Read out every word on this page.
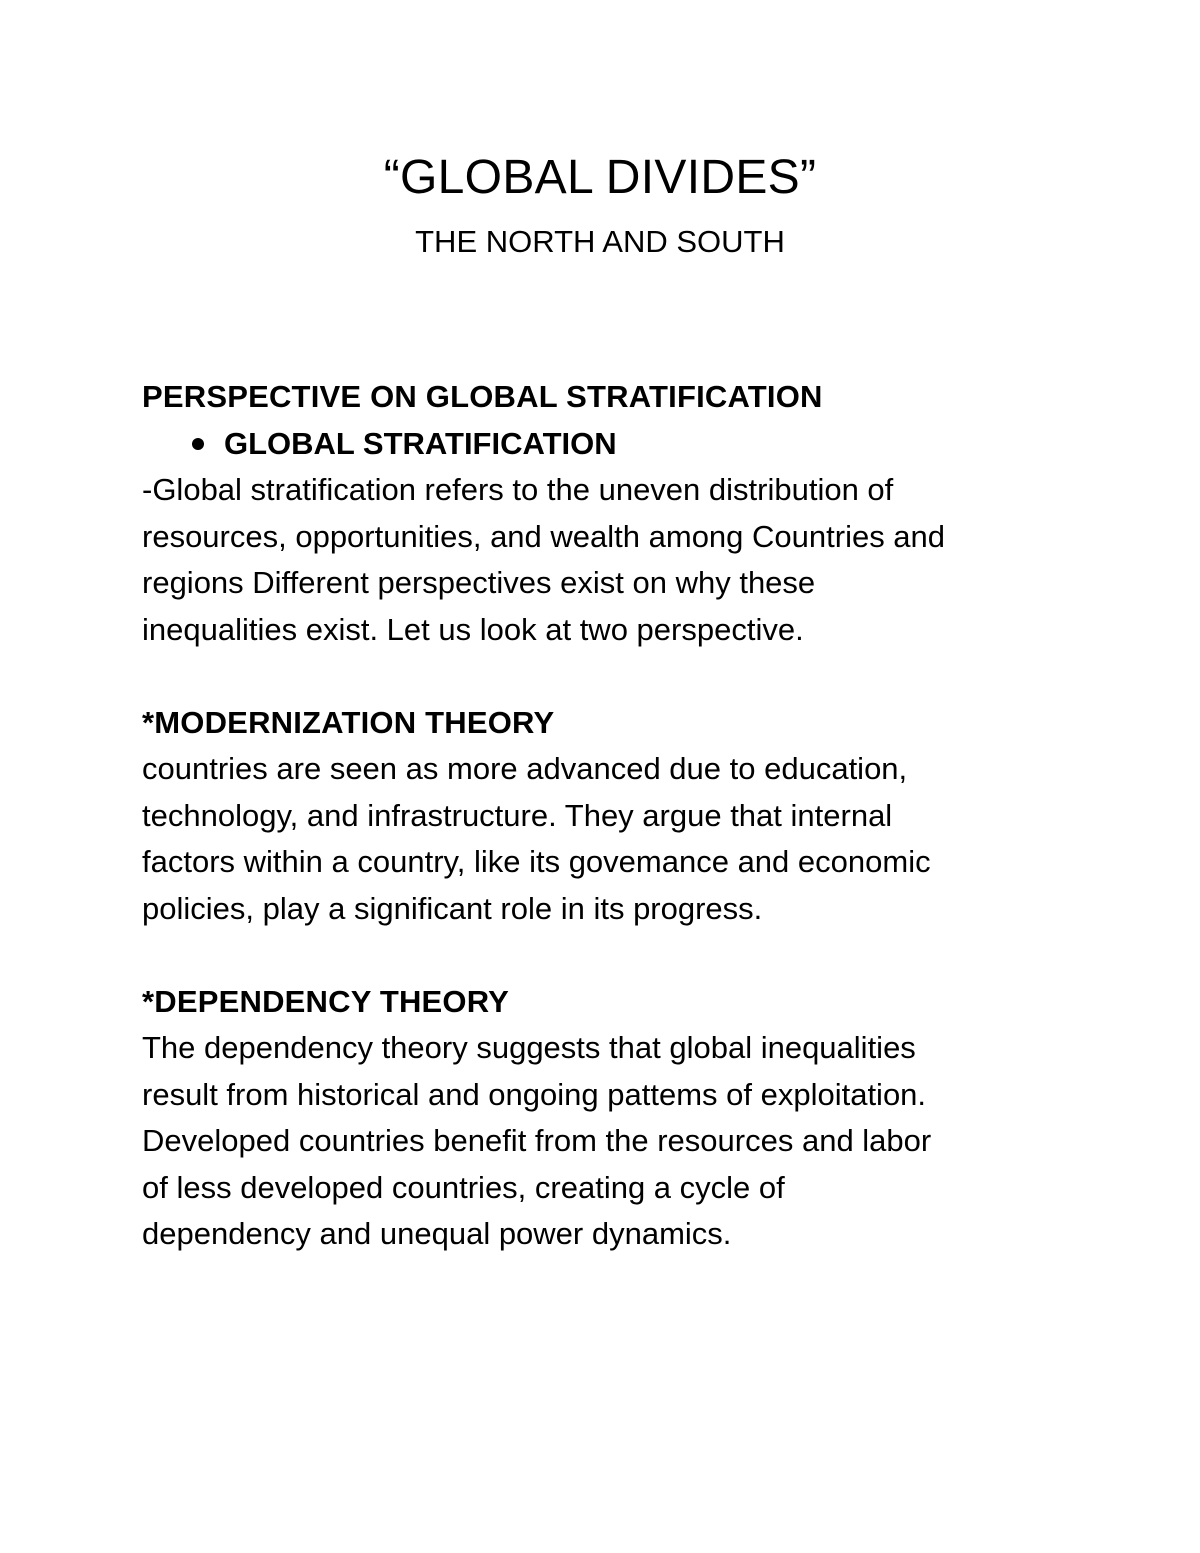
“GLOBAL DIVIDES”
THE NORTH AND SOUTH
PERSPECTIVE ON GLOBAL STRATIFICATION
GLOBAL STRATIFICATION
-Global stratification refers to the uneven distribution of
resources, opportunities, and wealth among Countries and
regions Different perspectives exist on why these
inequalities exist. Let us look at two perspective.
*MODERNIZATION THEORY
countries are seen as more advanced due to education,
technology, and infrastructure. They argue that internal
factors within a country, like its govemance and economic
policies, play a significant role in its progress.
*DEPENDENCY THEORY
The dependency theory suggests that global inequalities
result from historical and ongoing pattems of exploitation.
Developed countries benefit from the resources and labor
of less developed countries, creating a cycle of
dependency and unequal power dynamics.
